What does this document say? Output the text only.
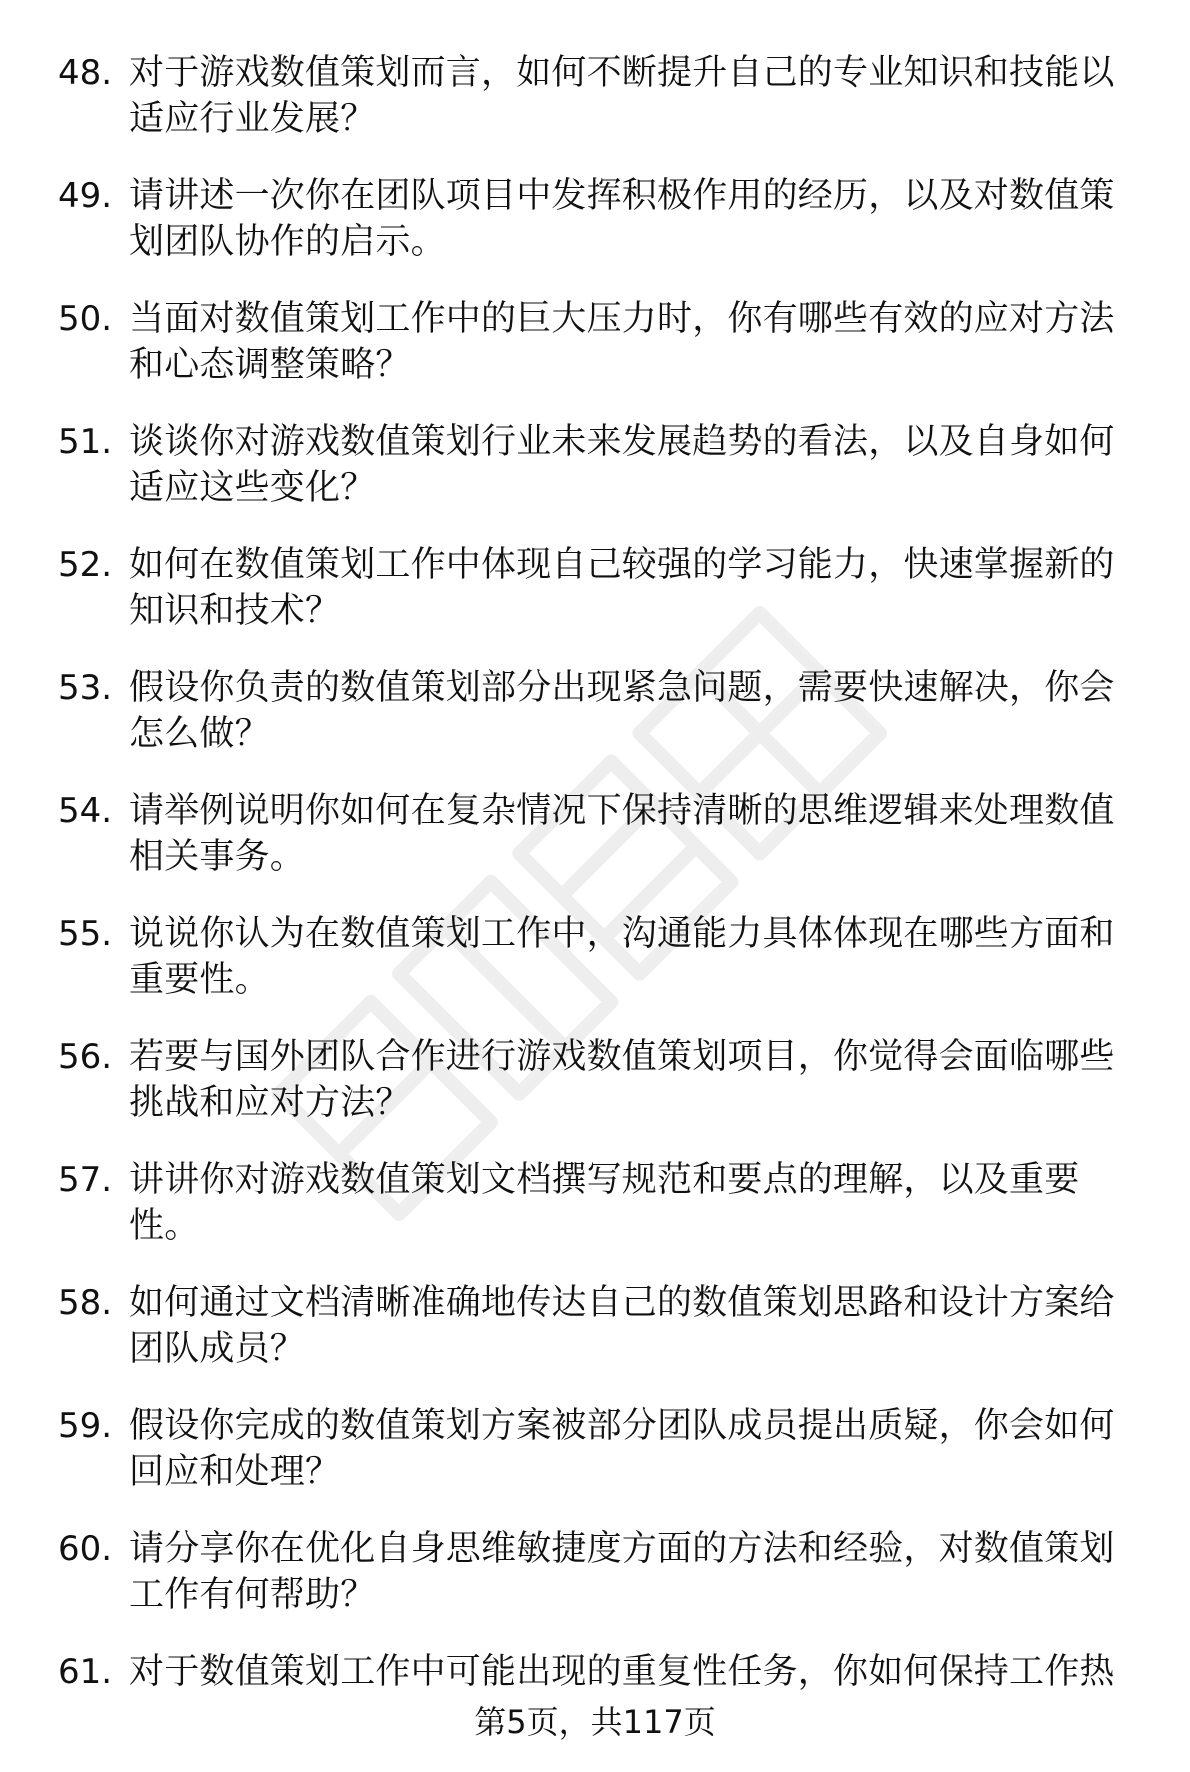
48. 对于游戏数值策划而言，如何不断提升自己的专业知识和技能以适应行业发展？
49. 请讲述一次你在团队项目中发挥积极作用的经历，以及对数值策划团队协作的启示。
50. 当面对数值策划工作中的巨大压力时，你有哪些有效的应对方法和心态调整策略？
51. 谈谈你对游戏数值策划行业未来发展趋势的看法，以及自身如何适应这些变化？
52. 如何在数值策划工作中体现自己较强的学习能力，快速掌握新的知识和技术？
53. 假设你负责的数值策划部分出现紧急问题，需要快速解决，你会怎么做？
54. 请举例说明你如何在复杂情况下保持清晰的思维逻辑来处理数值相关事务。
55. 说说你认为在数值策划工作中，沟通能力具体体现在哪些方面和重要性。
56. 若要与国外团队合作进行游戏数值策划项目，你觉得会面临哪些挑战和应对方法？
57. 讲讲你对游戏数值策划文档撰写规范和要点的理解，以及重要性。
58. 如何通过文档清晰准确地传达自己的数值策划思路和设计方案给团队成员？
59. 假设你完成的数值策划方案被部分团队成员提出质疑，你会如何回应和处理？
60. 请分享你在优化自身思维敏捷度方面的方法和经验，对数值策划工作有何帮助？
61. 对于数值策划工作中可能出现的重复性任务，你如何保持工作热
第5页，共117页
